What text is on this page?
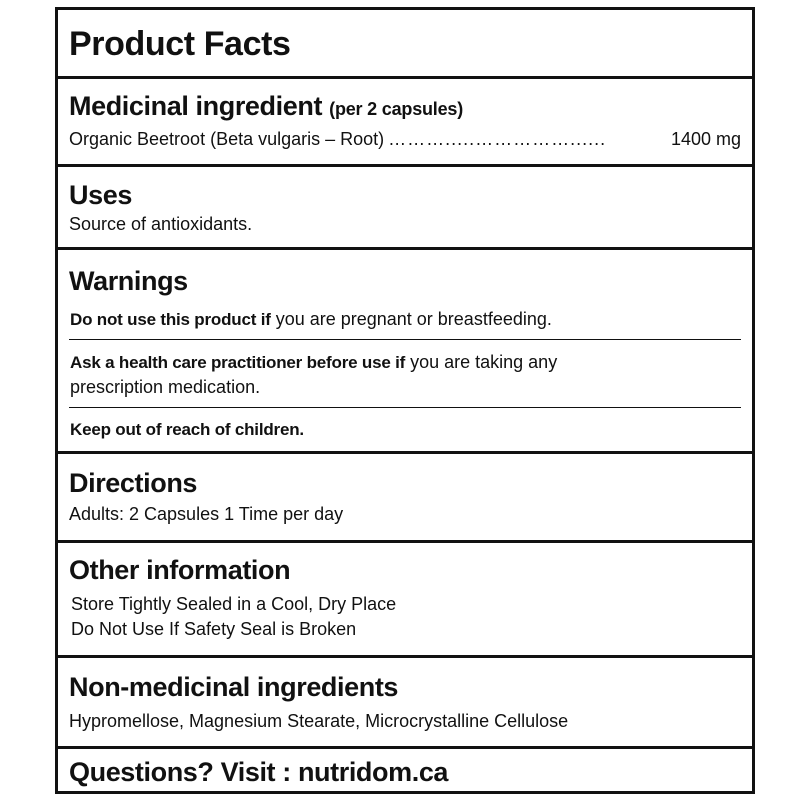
Product Facts
Medicinal ingredient (per 2 capsules)
Organic Beetroot (Beta vulgaris – Root) ……….....……………......	1400 mg
Uses
Source of antioxidants.
Warnings
Do not use this product if you are pregnant or breastfeeding.
Ask a health care practitioner before use if you are taking any
prescription medication.
Keep out of reach of children.
Directions
Adults: 2 Capsules 1 Time per day
Other information
Store Tightly Sealed in a Cool, Dry Place
Do Not Use If Safety Seal is Broken
Non-medicinal ingredients
Hypromellose, Magnesium Stearate, Microcrystalline Cellulose
Questions? Visit : nutridom.ca
